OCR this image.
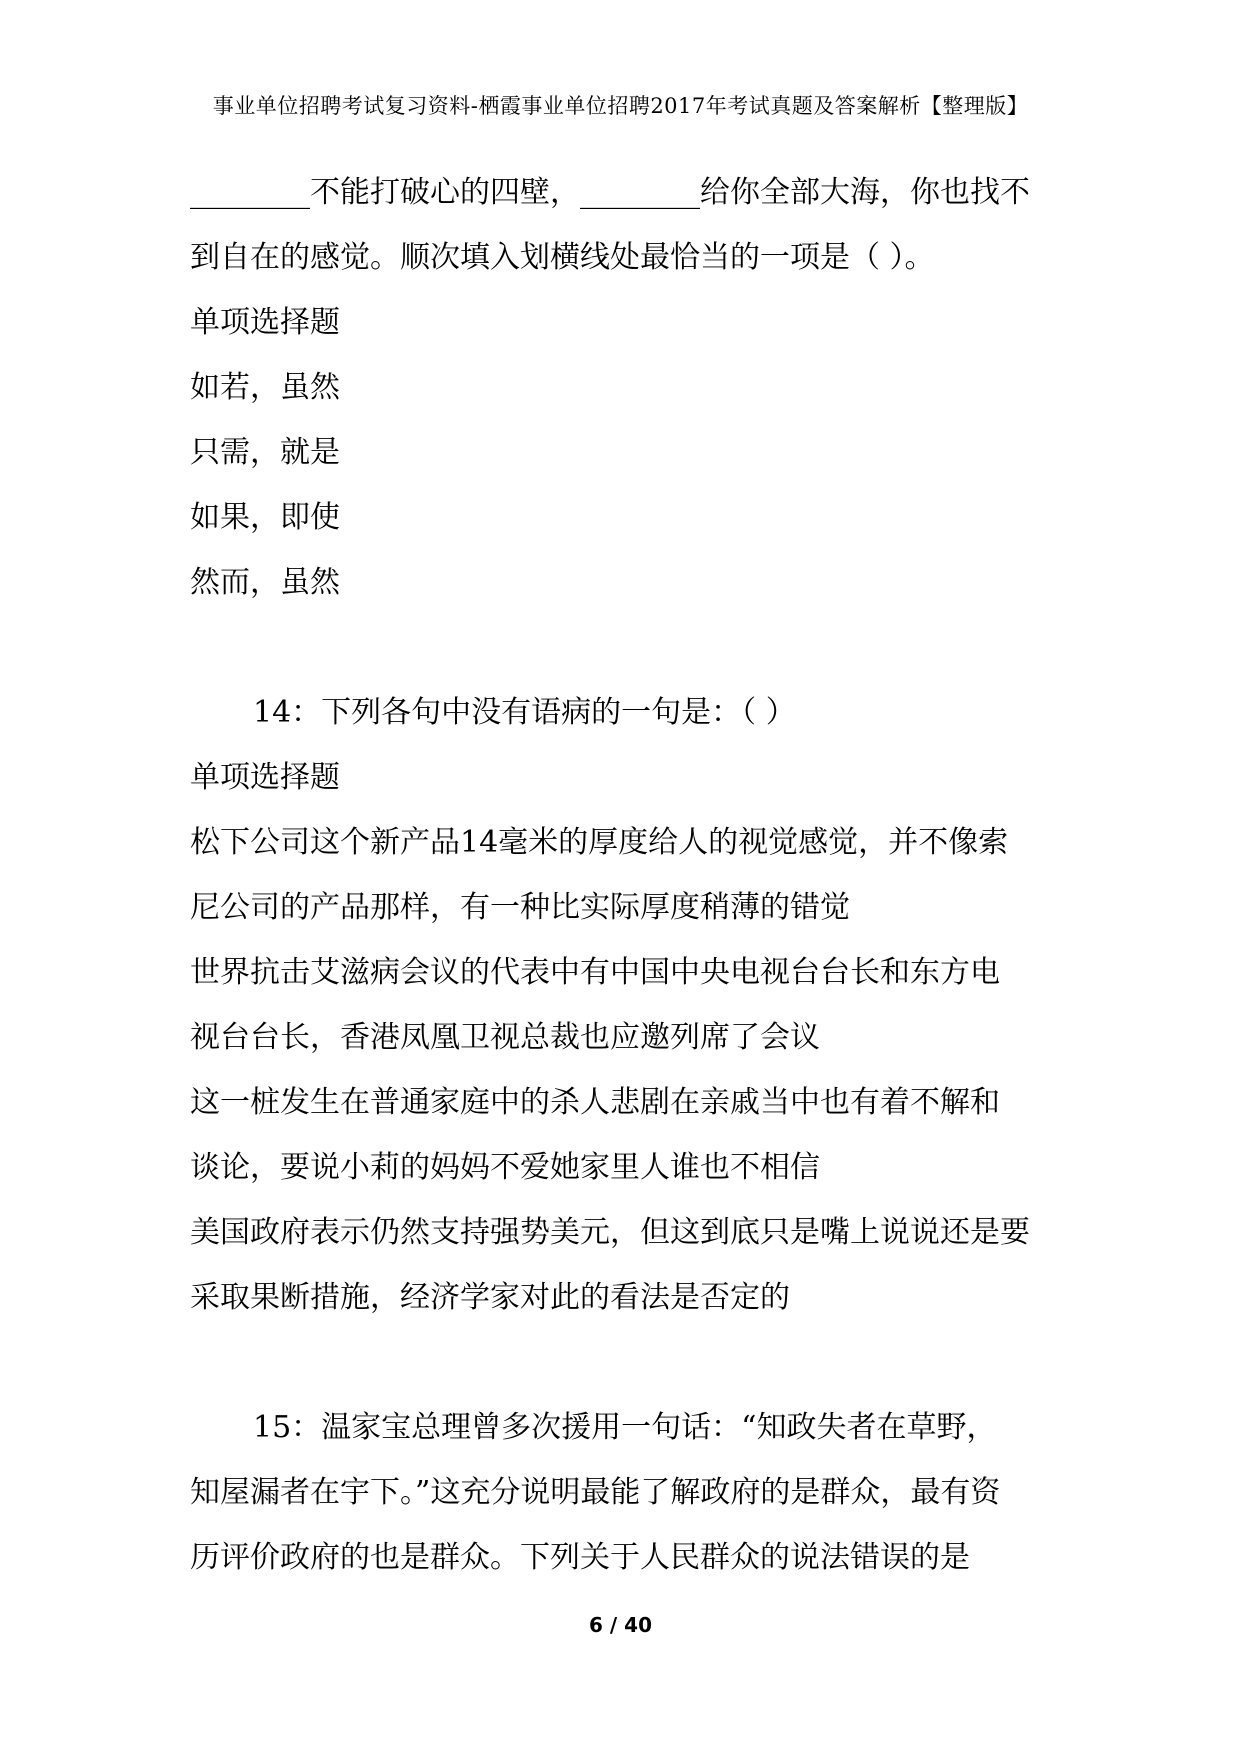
事业单位招聘考试复习资料-栖霞事业单位招聘2017年考试真题及答案解析【整理版】
________不能打破心的四壁，________给你全部大海，你也找不
到自在的感觉。顺次填入划横线处最恰当的一项是（ ）。
单项选择题
如若，虽然
只需，就是
如果，即使
然而，虽然
14：下列各句中没有语病的一句是：（ ）
单项选择题
松下公司这个新产品14毫米的厚度给人的视觉感觉，并不像索
尼公司的产品那样，有一种比实际厚度稍薄的错觉
世界抗击艾滋病会议的代表中有中国中央电视台台长和东方电
视台台长，香港凤凰卫视总裁也应邀列席了会议
这一桩发生在普通家庭中的杀人悲剧在亲戚当中也有着不解和
谈论，要说小莉的妈妈不爱她家里人谁也不相信
美国政府表示仍然支持强势美元，但这到底只是嘴上说说还是要
采取果断措施，经济学家对此的看法是否定的
15：温家宝总理曾多次援用一句话：“知政失者在草野，
知屋漏者在宇下。”这充分说明最能了解政府的是群众，最有资
历评价政府的也是群众。下列关于人民群众的说法错误的是
6 / 40
